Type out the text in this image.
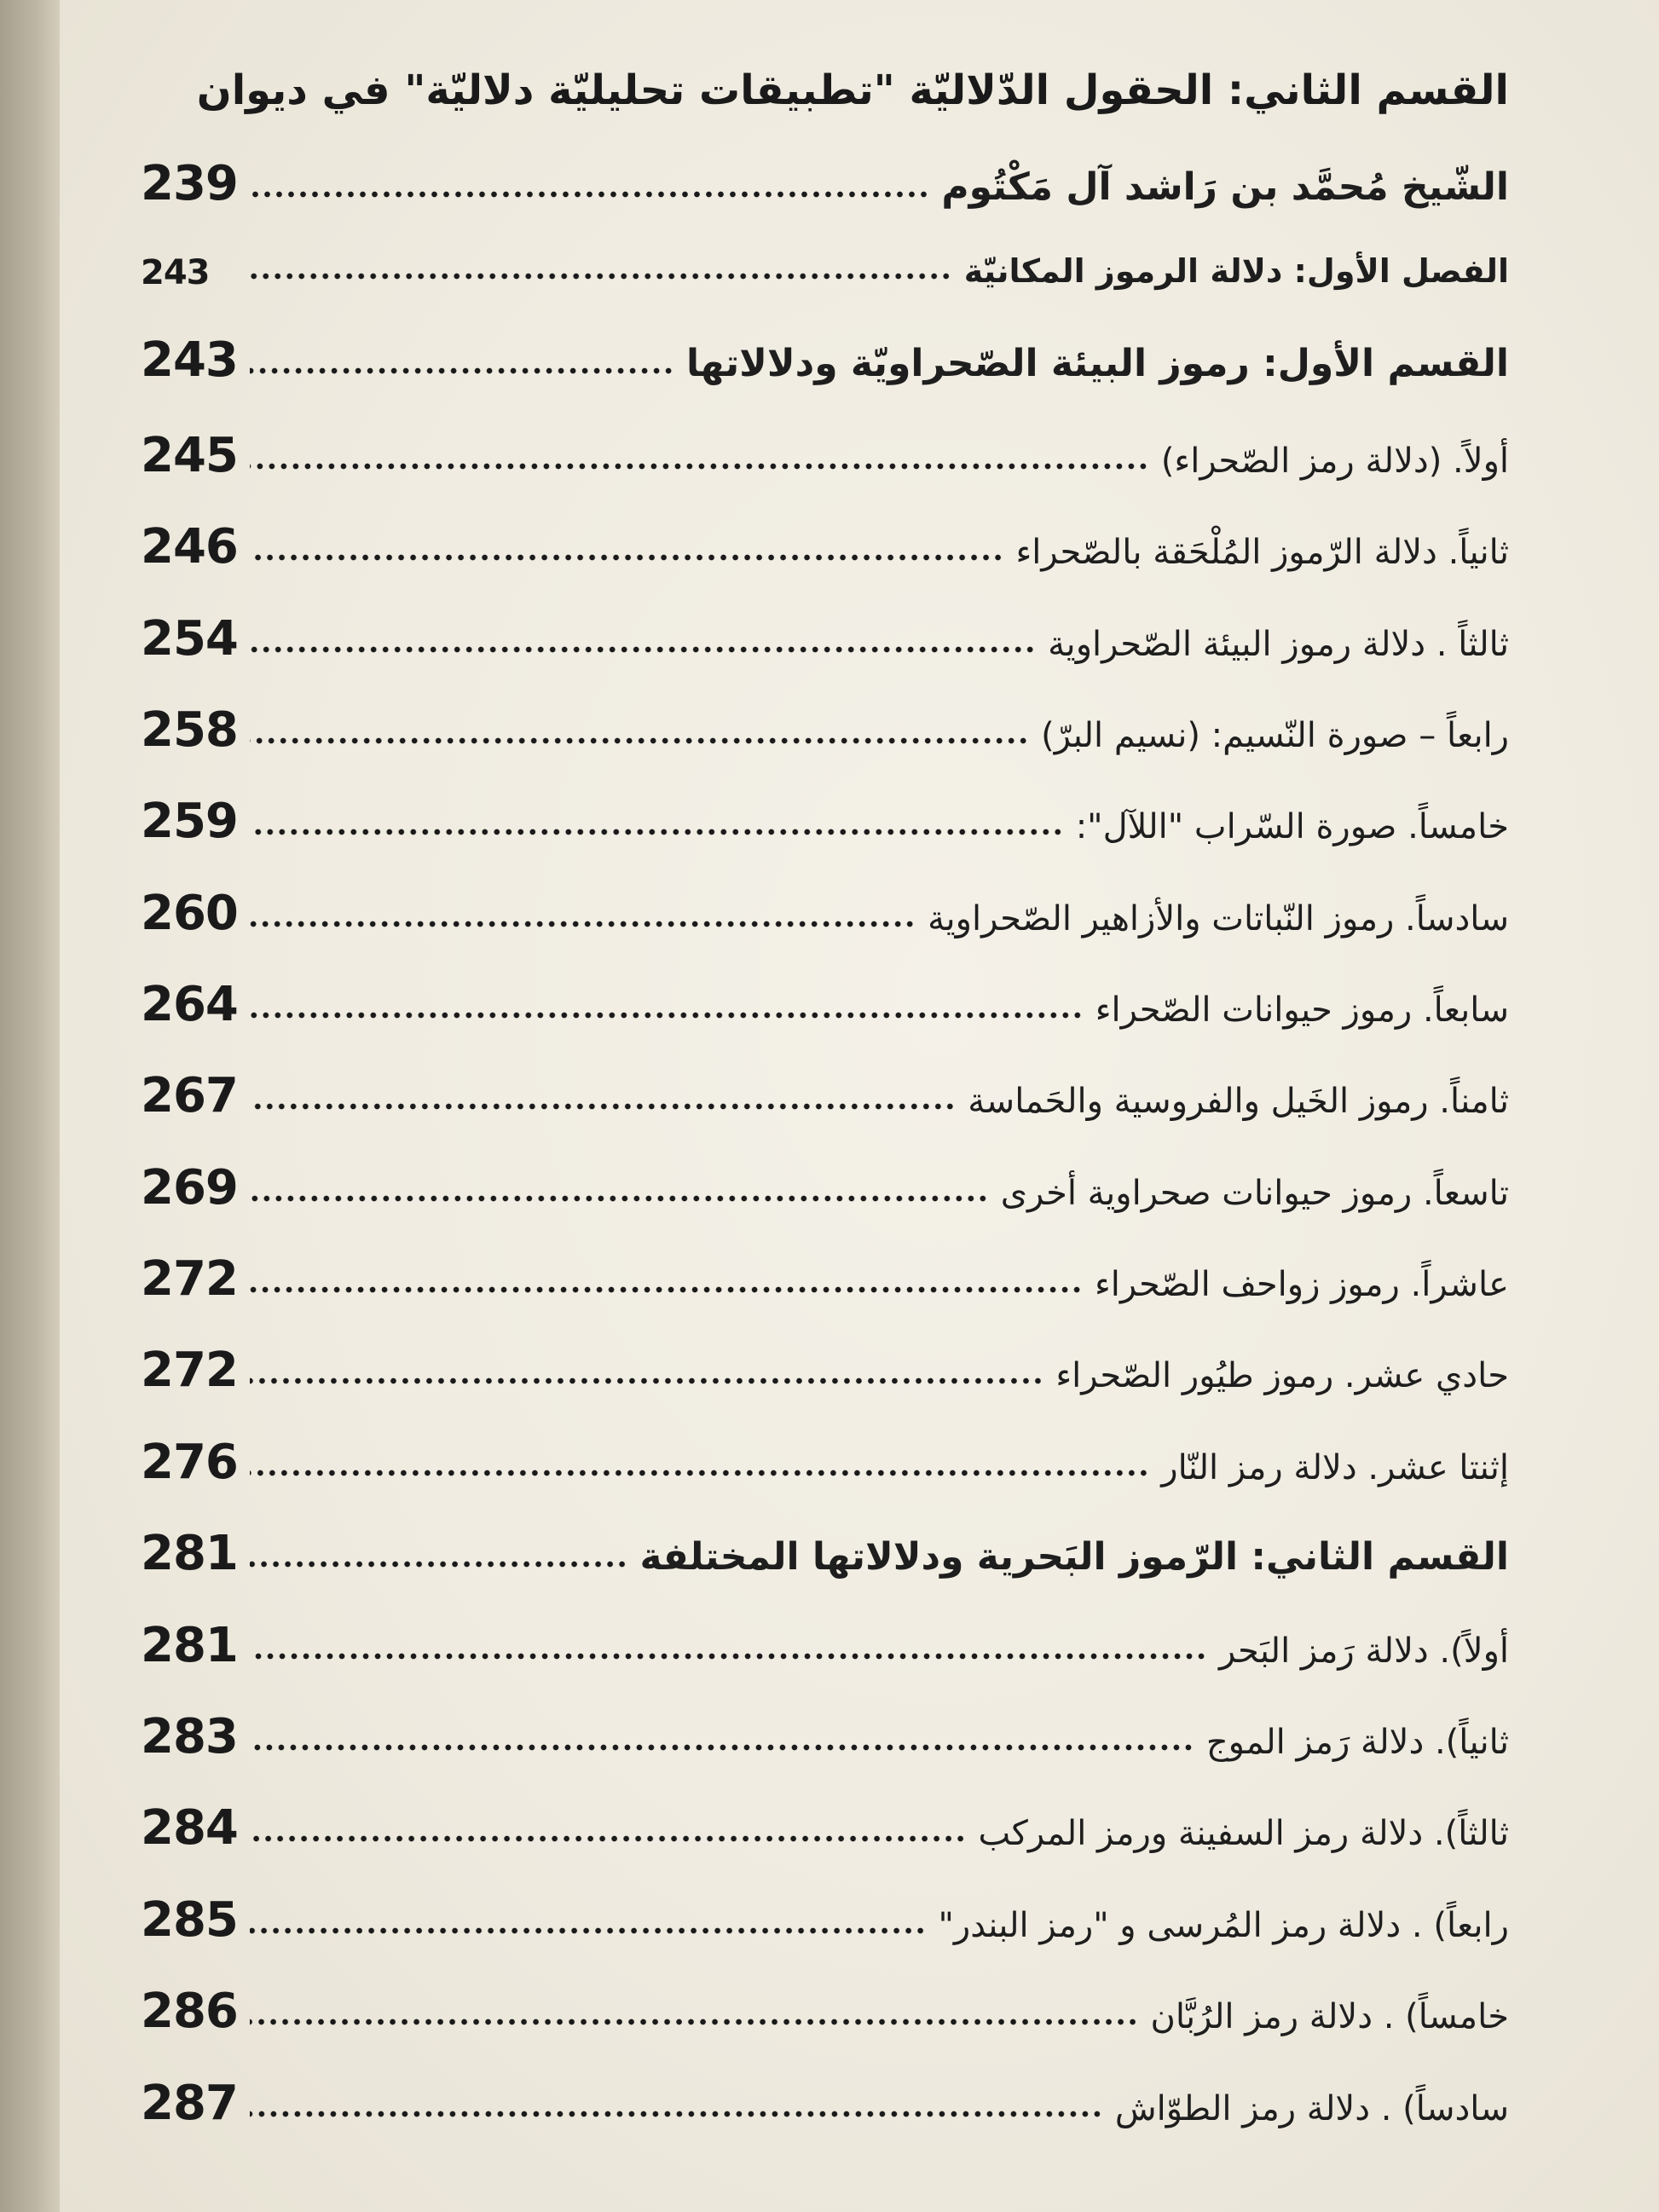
القسم الثاني: الحقول الدّلاليّة "تطبيقات تحليليّة دلاليّة" في ديوان
239	الشّيخ مُحمَّد بن رَاشد آل مَكْتُوم
243	الفصل الأول: دلالة الرموز المكانيّة
243	القسم الأول: رموز البيئة الصّحراويّة ودلالاتها
245	أولاً. (دلالة رمز الصّحراء)
246	ثانياً. دلالة الرّموز المُلْحَقة بالصّحراء
254	ثالثاً . دلالة رموز البيئة الصّحراوية
258	رابعاً – صورة النّسيم: (نسيم البرّ)
259	خامساً. صورة السّراب "اللآل":
260	سادساً. رموز النّباتات والأزاهير الصّحراوية
264	سابعاً. رموز حيوانات الصّحراء
267	ثامناً. رموز الخَيل والفروسية والحَماسة
269	تاسعاً. رموز حيوانات صحراوية أخرى
272	عاشراً. رموز زواحف الصّحراء
272	حادي عشر. رموز طيُور الصّحراء
276	إثنتا عشر. دلالة رمز النّار
281	القسم الثاني: الرّموز البَحرية ودلالاتها المختلفة
281	أولاً). دلالة رَمز البَحر
283	ثانياً). دلالة رَمز الموج
284	ثالثاً). دلالة رمز السفينة ورمز المركب
285	رابعاً) . دلالة رمز المُرسى و "رمز البندر"
286	خامساً) . دلالة رمز الرُبَّان
287	سادساً) . دلالة رمز الطوّاش
